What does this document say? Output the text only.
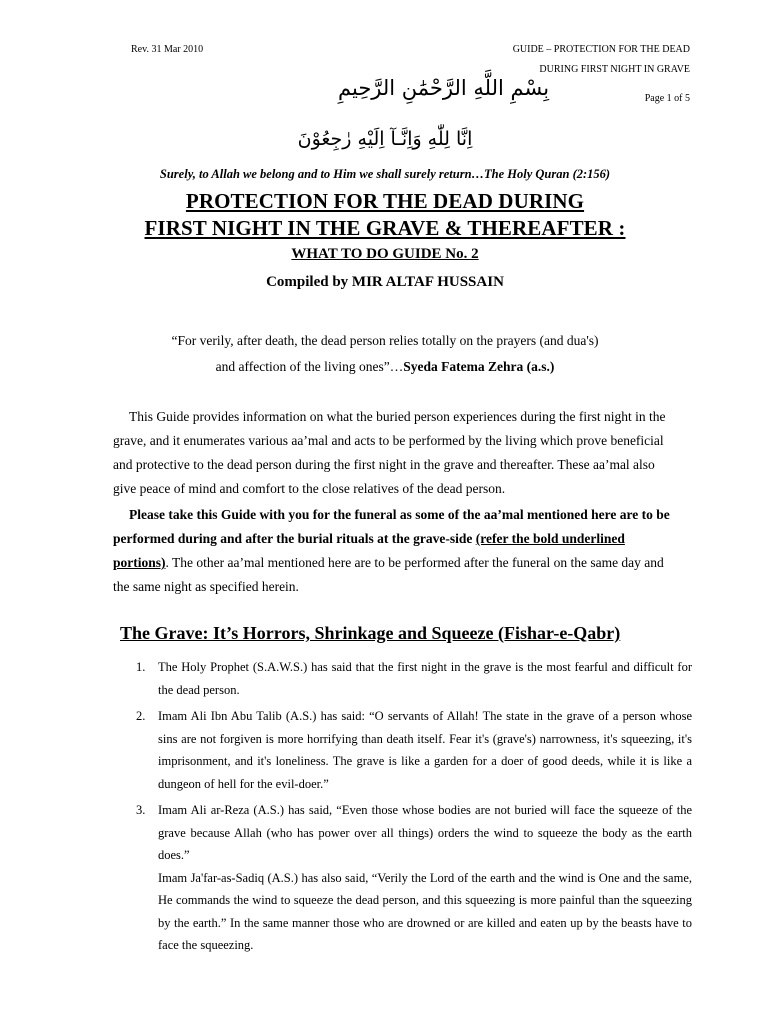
Rev. 31 Mar 2010	GUIDE – PROTECTION FOR THE DEAD
DURING FIRST NIGHT IN GRAVE
Page 1 of 5
بِسْمِ اللَّهِ الرَّحْمَٰنِ الرَّحِيمِ
اِنَّا لِلّٰهِ وَاِنَّـآ اِلَيْهِ رٰجِعُوْنَ
Surely, to Allah we belong and to Him we shall surely return…The Holy Quran (2:156)
PROTECTION FOR THE DEAD DURING
FIRST NIGHT IN THE GRAVE & THEREAFTER :
WHAT TO DO GUIDE No. 2
Compiled by MIR ALTAF HUSSAIN
“For verily, after death, the dead person relies totally on the prayers (and dua's)
and affection of the living ones”…Syeda Fatema Zehra (a.s.)
This Guide provides information on what the buried person experiences during the first night in the grave, and it enumerates various aa’mal and acts to be performed by the living which prove beneficial and protective to the dead person during the first night in the grave and thereafter. These aa’mal also give peace of mind and comfort to the close relatives of the dead person.
Please take this Guide with you for the funeral as some of the aa’mal mentioned here are to be performed during and after the burial rituals at the grave-side (refer the bold underlined portions). The other aa’mal mentioned here are to be performed after the funeral on the same day and the same night as specified herein.
The Grave: It’s Horrors, Shrinkage and Squeeze (Fishar-e-Qabr)
1. The Holy Prophet (S.A.W.S.) has said that the first night in the grave is the most fearful and difficult for the dead person.
2. Imam Ali Ibn Abu Talib (A.S.) has said: “O servants of Allah! The state in the grave of a person whose sins are not forgiven is more horrifying than death itself. Fear it's (grave's) narrowness, it's squeezing, it's imprisonment, and it's loneliness. The grave is like a garden for a doer of good deeds, while it is like a dungeon of hell for the evil-doer.”
3. Imam Ali ar-Reza (A.S.) has said, “Even those whose bodies are not buried will face the squeeze of the grave because Allah (who has power over all things) orders the wind to squeeze the body as the earth does.”
Imam Ja'far-as-Sadiq (A.S.) has also said, “Verily the Lord of the earth and the wind is One and the same, He commands the wind to squeeze the dead person, and this squeezing is more painful than the squeezing by the earth.” In the same manner those who are drowned or are killed and eaten up by the beasts have to face the squeezing.
